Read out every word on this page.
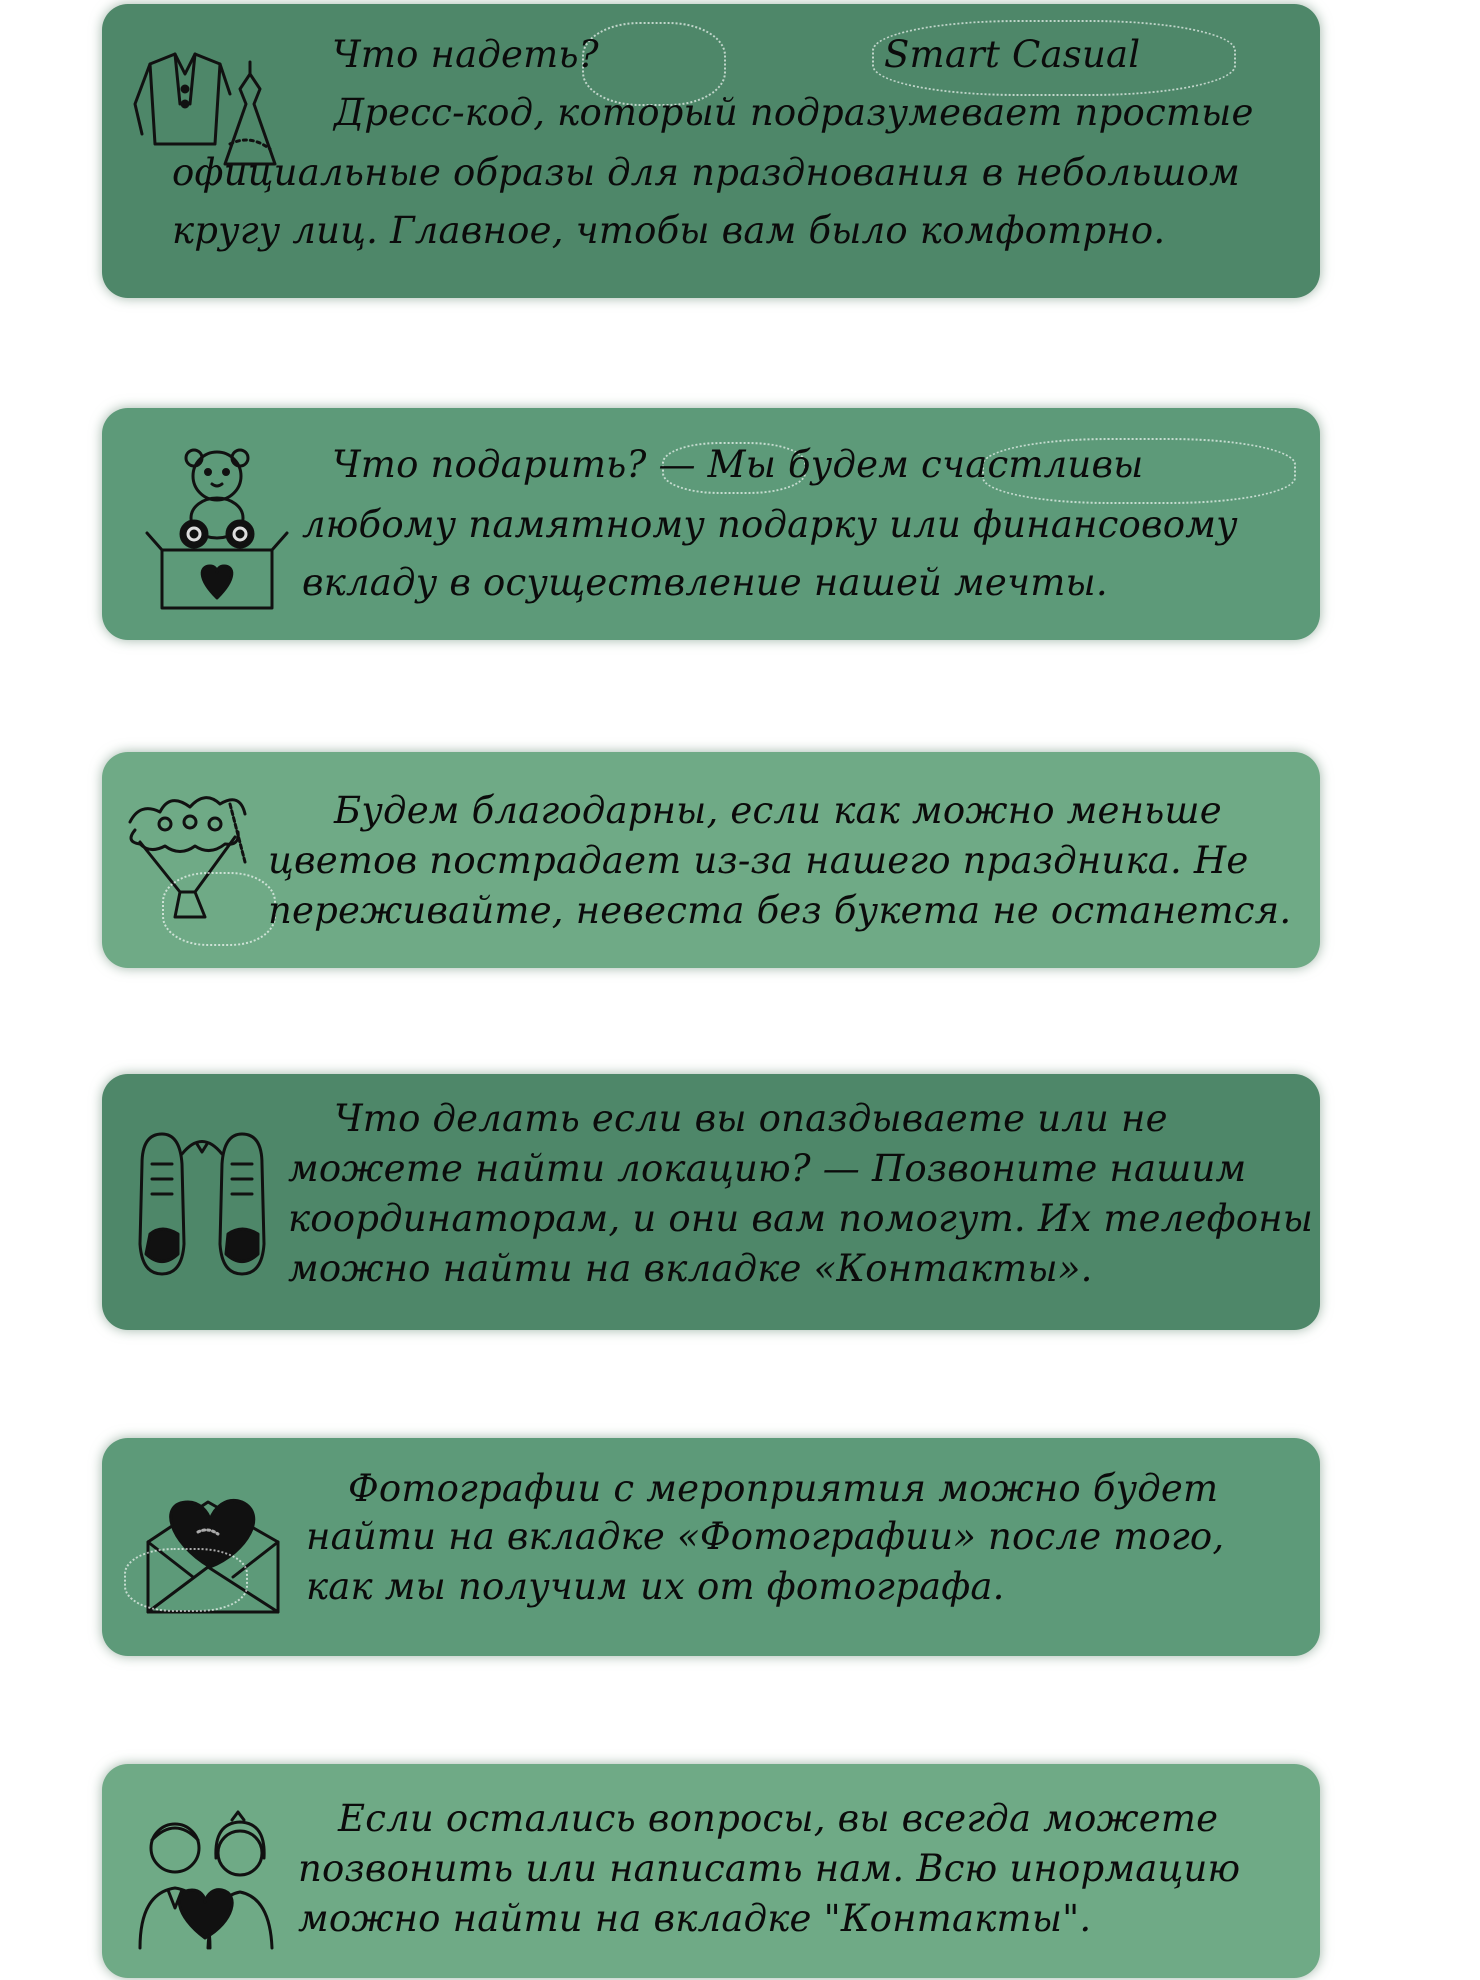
Что надеть?	Smart Casual
Дресс-код, который подразумевает простые
официальные образы для празднования в небольшом
кругу лиц. Главное, чтобы вам было комфотрно.
Что подарить? — Мы будем счастливы
любому памятному подарку или финансовому
вкладу в осуществление нашей мечты.
Будем благодарны, если как можно меньше
цветов пострадает из-за нашего праздника. Не
переживайте, невеста без букета не останется.
Что делать если вы опаздываете или не
можете найти локацию? — Позвоните нашим
координаторам, и они вам помогут. Их телефоны
можно найти на вкладке «Контакты».
Фотографии с мероприятия можно будет
найти на вкладке «Фотографии» после того,
как мы получим их от фотографа.
Если остались вопросы, вы всегда можете
позвонить или написать нам. Всю инормацию
можно найти на вкладке "Контакты".
